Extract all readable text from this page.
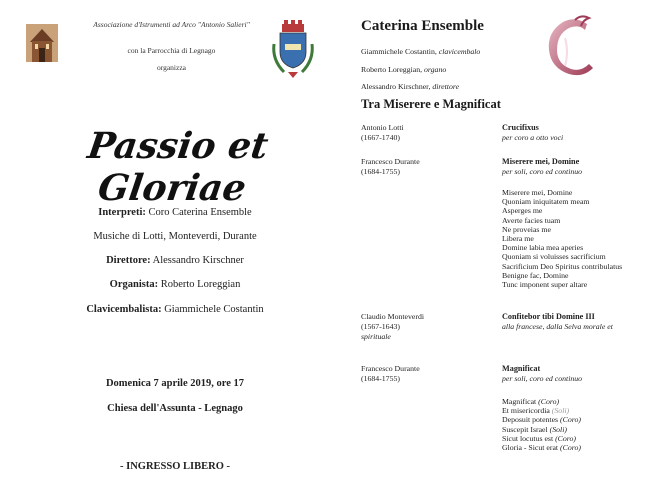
Associazione d'Istrumenti ad Arco "Antonio Salieri"
con la Parrocchia di Legnago
organizza
Passio et Gloriae
Interpreti: Coro Caterina Ensemble
Musiche di Lotti, Monteverdi, Durante
Direttore: Alessandro Kirschner
Organista: Roberto Loreggian
Clavicembalista: Giammichele Costantin
Domenica 7 aprile 2019, ore 17
Chiesa dell'Assunta - Legnago
- INGRESSO LIBERO -
Caterina Ensemble
Giammichele Costantin, clavicembalo
Roberto Loreggian, organo
Alessandro Kirschner, direttore
Tra Miserere e Magnificat
Antonio Lotti
(1667-1740)
Crucifixus
per coro a otto voci
Francesco Durante
(1684-1755)
Miserere mei, Domine
per soli, coro ed continuo
Miserere mei, Domine
Quoniam iniquitatem meam
Asperges me
Averte facies tuam
Ne proveias me
Libera me
Domine labia mea aperies
Quoniam si voluisses sacrificium
Sacrificium Deo Spiritus contribulatus
Benigne fac, Domine
Tunc imponent super altare
Claudio Monteverdi
(1567-1643)
spirituale
Confitebor tibi Domine III
alla francese, dalla Selva morale et
Francesco Durante
(1684-1755)
Magnificat
per soli, coro ed continuo
Magnificat (Coro)
Et misericordia (Soli)
Deposuit potentes (Coro)
Suscepit Israel (Soli)
Sicut locutus est (Coro)
Gloria - Sicut erat (Coro)
